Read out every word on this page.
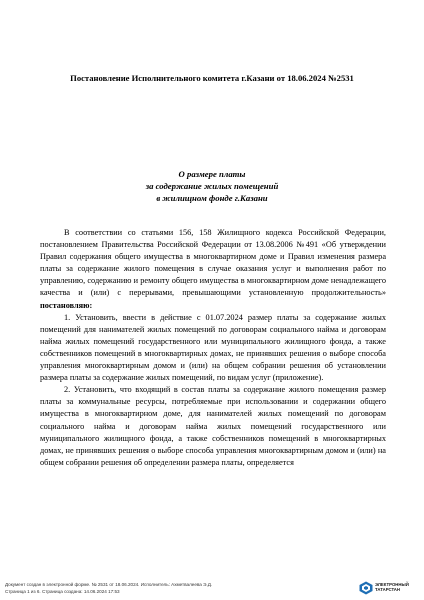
Постановление Исполнительного комитета г.Казани от 18.06.2024 №2531
О размере платы
за содержание жилых помещений
в жилищном фонде г.Казани

В соответствии со статьями 156, 158 Жилищного кодекса Российской Федерации, постановлением Правительства Российской Федерации от 13.08.2006 №491 «Об утверждении Правил содержания общего имущества в многоквартирном доме и Правил изменения размера платы за содержание жилого помещения в случае оказания услуг и выполнения работ по управлению, содержанию и ремонту общего имущества в многоквартирном доме ненадлежащего качества и (или) с перерывами, превышающими установленную продолжительность» постановляю:

1. Установить, ввести в действие с 01.07.2024 размер платы за содержание жилых помещений для нанимателей жилых помещений по договорам социального найма и договорам найма жилых помещений государственного или муниципального жилищного фонда, а также собственников помещений в многоквартирных домах, не принявших решения о выборе способа управления многоквартирным домом и (или) на общем собрании решения об установлении размера платы за содержание жилых помещений, по видам услуг (приложение).

2. Установить, что входящий в состав платы за содержание жилого помещения размер платы за коммунальные ресурсы, потребляемые при использовании и содержании общего имущества в многоквартирном доме, для нанимателей жилых помещений по договорам социального найма и договорам найма жилых помещений государственного или муниципального жилищного фонда, а также собственников помещений в многоквартирных домах, не принявших решения о выборе способа управления многоквартирным домом и (или) на общем собрании решения об определении размера платы, определяется

Документ создан в электронной форме. № 2531 от 18.06.2024. Исполнитель: Ахметвалеева Э.Д.
Страница 1 из 6. Страница создана: 14.06.2024 17:53
ЭЛЕКТРОННЫЙ
ТАТАРСТАН
